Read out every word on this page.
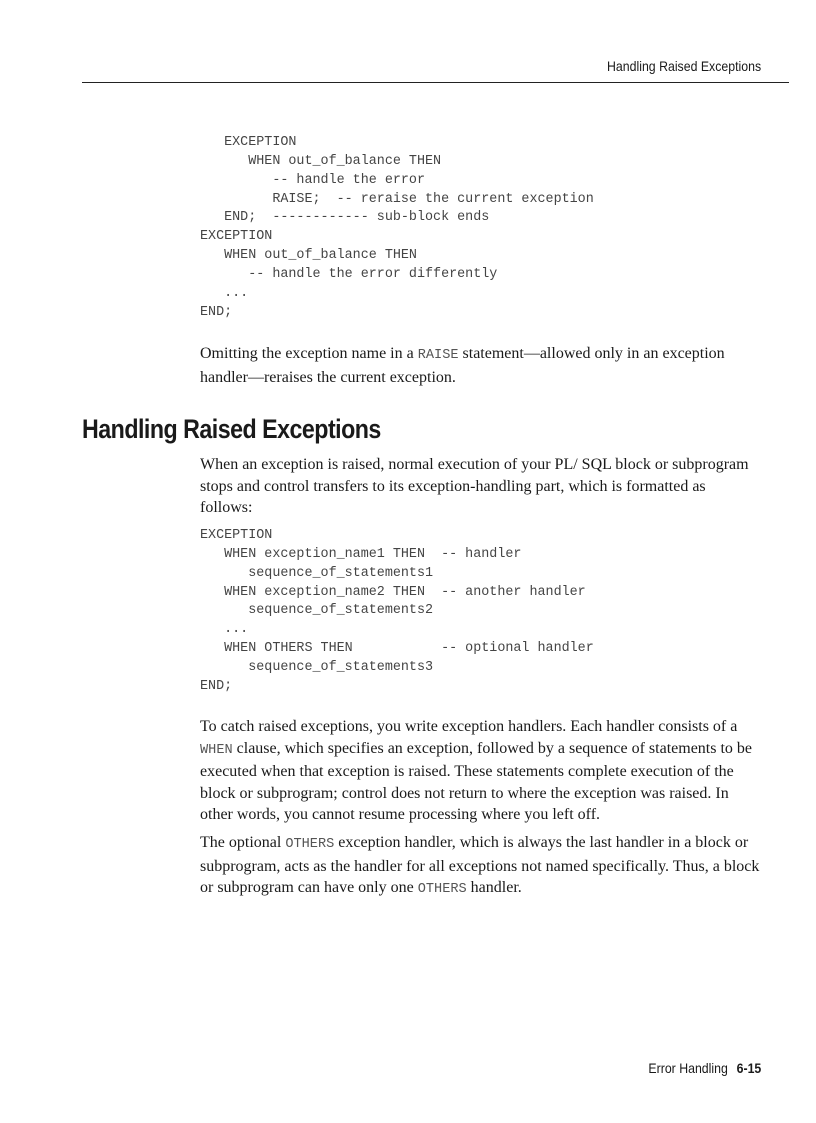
Handling Raised Exceptions
EXCEPTION
WHEN out_of_balance THEN
-- handle the error
RAISE;  -- reraise the current exception
END;  ------------ sub-block ends
EXCEPTION
WHEN out_of_balance THEN
-- handle the error differently
...
END;

Omitting the exception name in a RAISE statement—allowed only in an exception handler—reraises the current exception.

Handling Raised Exceptions

When an exception is raised, normal execution of your PL/ SQL block or subprogram stops and control transfers to its exception-handling part, which is formatted as follows:

EXCEPTION
WHEN exception_name1 THEN  -- handler
sequence_of_statements1
WHEN exception_name2 THEN  -- another handler
sequence_of_statements2
...
WHEN OTHERS THEN           -- optional handler
sequence_of_statements3
END;

To catch raised exceptions, you write exception handlers. Each handler consists of a WHEN clause, which specifies an exception, followed by a sequence of statements to be executed when that exception is raised. These statements complete execution of the block or subprogram; control does not return to where the exception was raised. In other words, you cannot resume processing where you left off.

The optional OTHERS exception handler, which is always the last handler in a block or subprogram, acts as the handler for all exceptions not named specifically. Thus, a block or subprogram can have only one OTHERS handler.

Error Handling 6-15
